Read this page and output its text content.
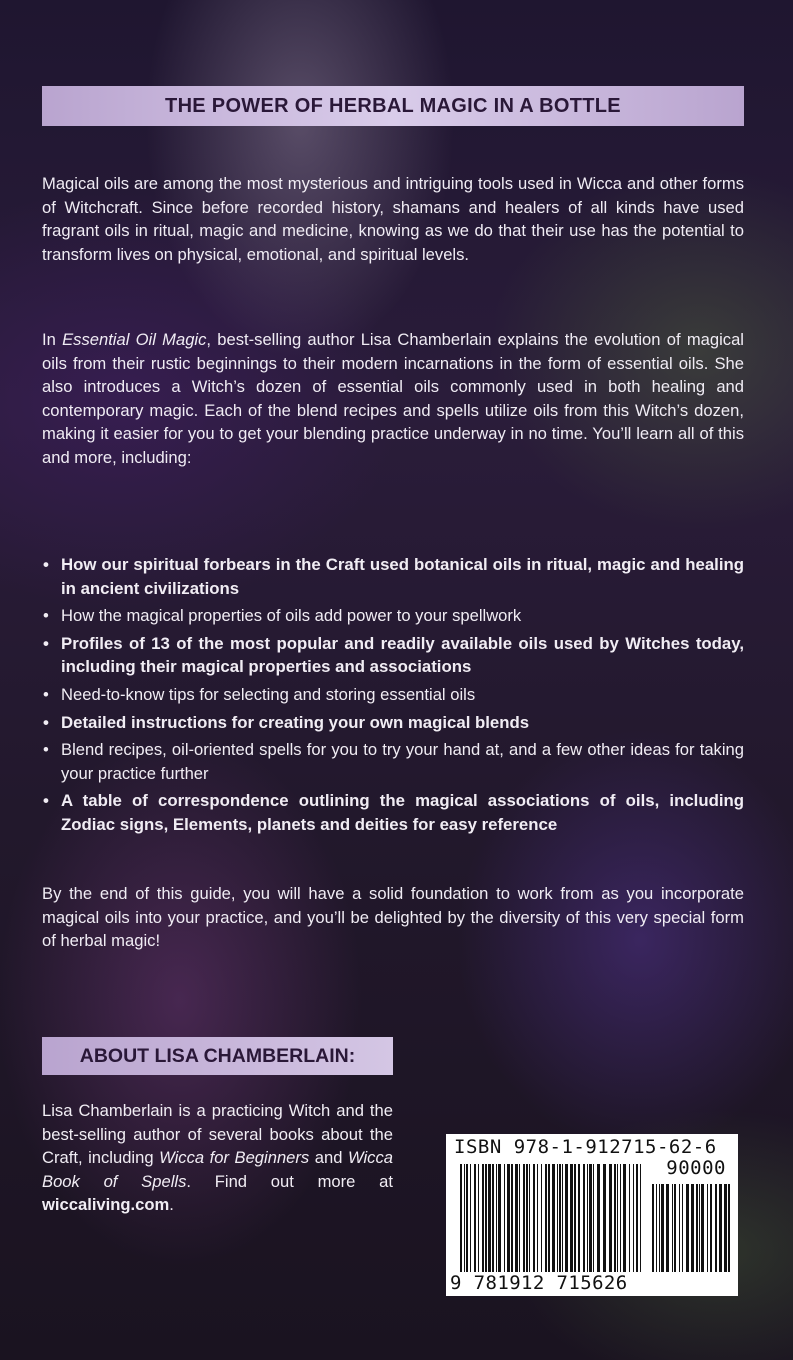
THE POWER OF HERBAL MAGIC IN A BOTTLE

Magical oils are among the most mysterious and intriguing tools used in Wicca and other forms of Witchcraft. Since before recorded history, shamans and healers of all kinds have used fragrant oils in ritual, magic and medicine, knowing as we do that their use has the potential to transform lives on physical, emotional, and spiritual levels.

In Essential Oil Magic, best-selling author Lisa Chamberlain explains the evolution of magical oils from their rustic beginnings to their modern incarnations in the form of essential oils. She also introduces a Witch’s dozen of essential oils commonly used in both healing and contemporary magic. Each of the blend recipes and spells utilize oils from this Witch’s dozen, making it easier for you to get your blending practice underway in no time. You’ll learn all of this and more, including:

• How our spiritual forbears in the Craft used botanical oils in ritual, magic and healing in ancient civilizations
• How the magical properties of oils add power to your spellwork
• Profiles of 13 of the most popular and readily available oils used by Witches today, including their magical properties and associations
• Need-to-know tips for selecting and storing essential oils
• Detailed instructions for creating your own magical blends
• Blend recipes, oil-oriented spells for you to try your hand at, and a few other ideas for taking your practice further
• A table of correspondence outlining the magical associations of oils, including Zodiac signs, Elements, planets and deities for easy reference

By the end of this guide, you will have a solid foundation to work from as you incorporate magical oils into your practice, and you’ll be delighted by the diversity of this very special form of herbal magic!

ABOUT LISA CHAMBERLAIN:

Lisa Chamberlain is a practicing Witch and the best-selling author of several books about the Craft, including Wicca for Beginners and Wicca Book of Spells. Find out more at wiccaliving.com.

ISBN 978-1-912715-62-6
90000
9 781912 715626
